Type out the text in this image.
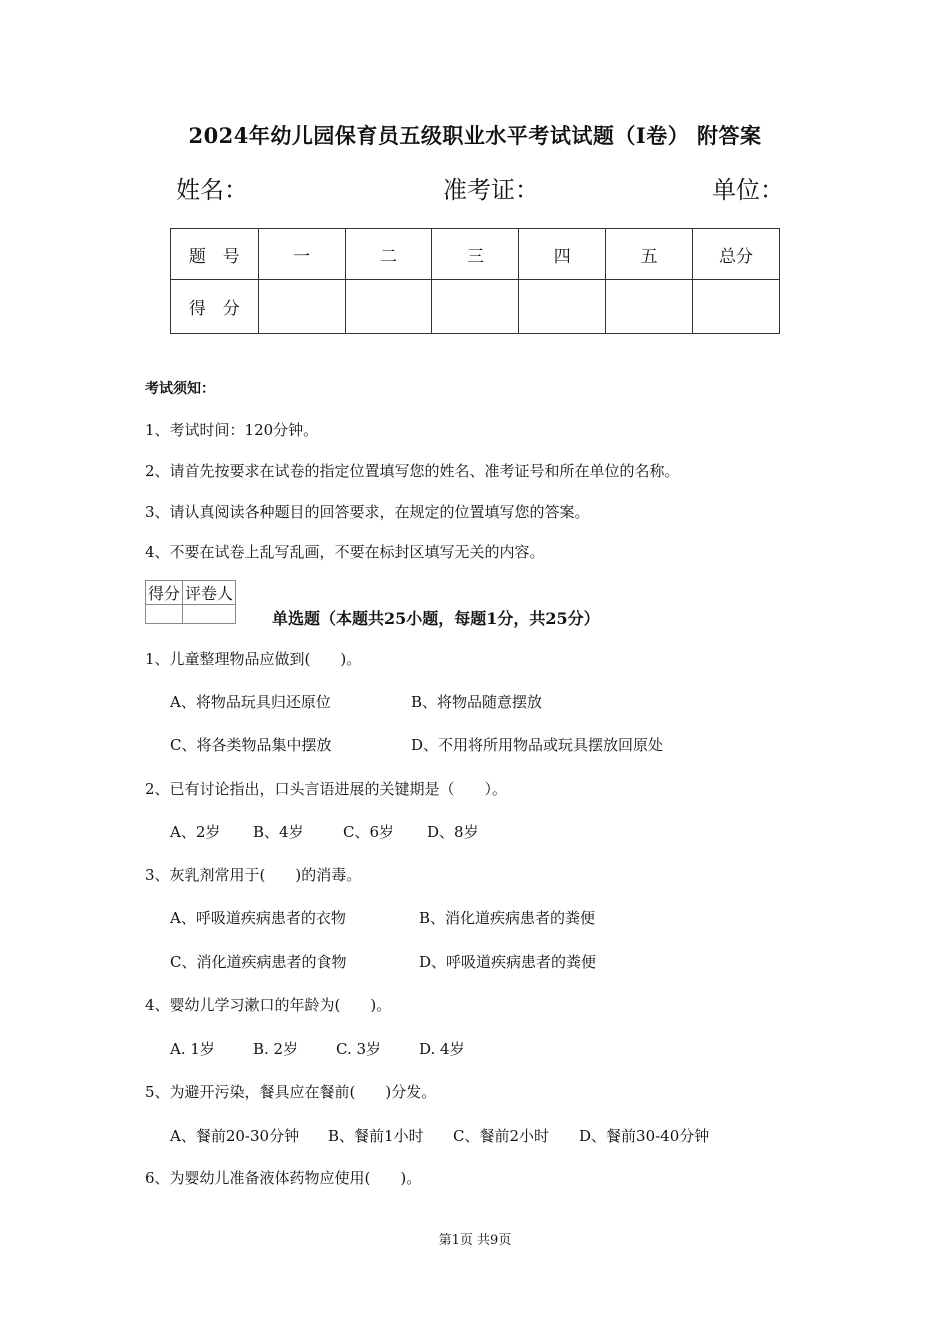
2024年幼儿园保育员五级职业水平考试试题（I卷） 附答案
姓名：	准考证：	单位：
题　号	一	二	三	四	五	总分
得　分						
考试须知：
1、考试时间：120分钟。
2、请首先按要求在试卷的指定位置填写您的姓名、准考证号和所在单位的名称。
3、请认真阅读各种题目的回答要求，在规定的位置填写您的答案。
4、不要在试卷上乱写乱画，不要在标封区填写无关的内容。
得分	评卷人

单选题（本题共25小题，每题1分，共25分）
1、儿童整理物品应做到(　　)。
A、将物品玩具归还原位	B、将物品随意摆放
C、将各类物品集中摆放	D、不用将所用物品或玩具摆放回原处
2、已有讨论指出，口头言语进展的关键期是（　　）。
A、2岁 B、4岁	C、6岁 D、8岁
3、灰乳剂常用于(　　)的消毒。
A、呼吸道疾病患者的衣物	B、消化道疾病患者的粪便
C、消化道疾病患者的食物	D、呼吸道疾病患者的粪便
4、婴幼儿学习漱口的年龄为(　　)。
A. 1岁	B. 2岁	C. 3岁	D. 4岁
5、为避开污染，餐具应在餐前(　　)分发。
A、餐前20-30分钟 B、餐前1小时 C、餐前2小时 D、餐前30-40分钟
6、为婴幼儿准备液体药物应使用(　　)。
第1页 共9页
